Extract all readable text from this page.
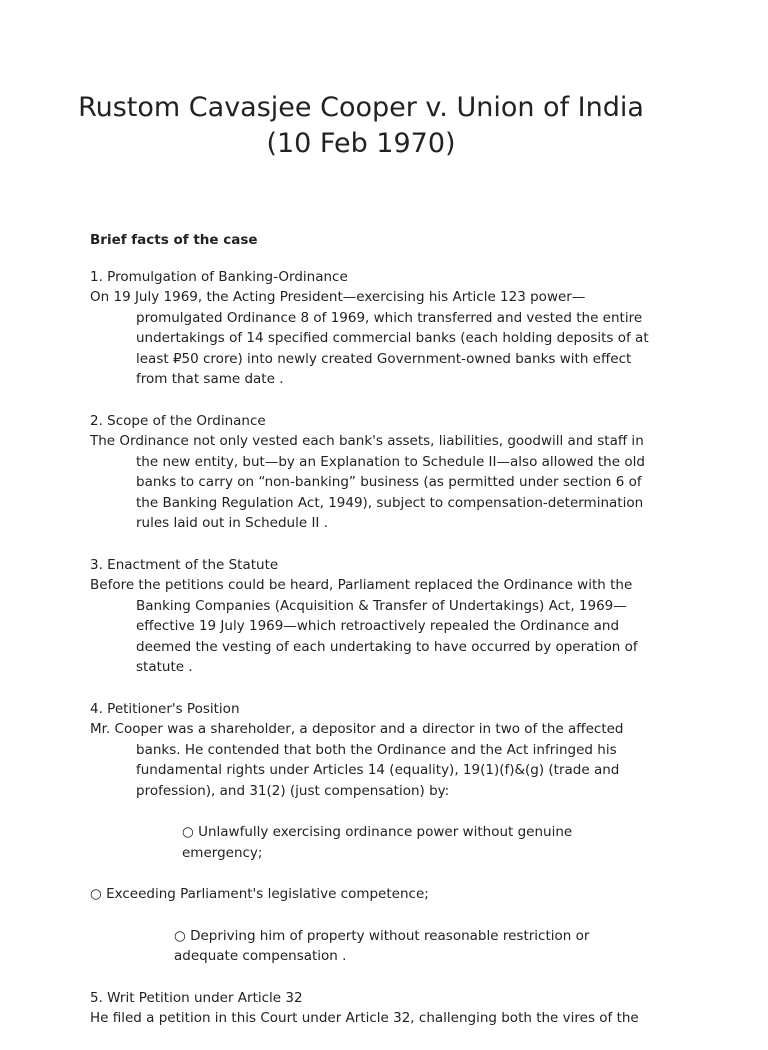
Rustom Cavasjee Cooper v. Union of India
(10 Feb 1970)

Brief facts of the case

1. Promulgation of Banking-Ordinance

On 19 July 1969, the Acting President—exercising his Article 123 power—promulgated Ordinance 8 of 1969, which transferred and vested the entire undertakings of 14 specified commercial banks (each holding deposits of at least ₽50 crore) into newly created Government-owned banks with effect from that same date .

2. Scope of the Ordinance

The Ordinance not only vested each bank's assets, liabilities, goodwill and staff in the new entity, but—by an Explanation to Schedule II—also allowed the old banks to carry on “non-banking” business (as permitted under section 6 of the Banking Regulation Act, 1949), subject to compensation-determination rules laid out in Schedule II .

3. Enactment of the Statute

Before the petitions could be heard, Parliament replaced the Ordinance with the Banking Companies (Acquisition & Transfer of Undertakings) Act, 1969—effective 19 July 1969—which retroactively repealed the Ordinance and deemed the vesting of each undertaking to have occurred by operation of statute .

4. Petitioner's Position

Mr. Cooper was a shareholder, a depositor and a director in two of the affected banks. He contended that both the Ordinance and the Act infringed his fundamental rights under Articles 14 (equality), 19(1)(f)&(g) (trade and profession), and 31(2) (just compensation) by:

○ Unlawfully exercising ordinance power without genuine emergency;

○ Exceeding Parliament's legislative competence;

○ Depriving him of property without reasonable restriction or adequate compensation .

5. Writ Petition under Article 32

He filed a petition in this Court under Article 32, challenging both the vires of the
